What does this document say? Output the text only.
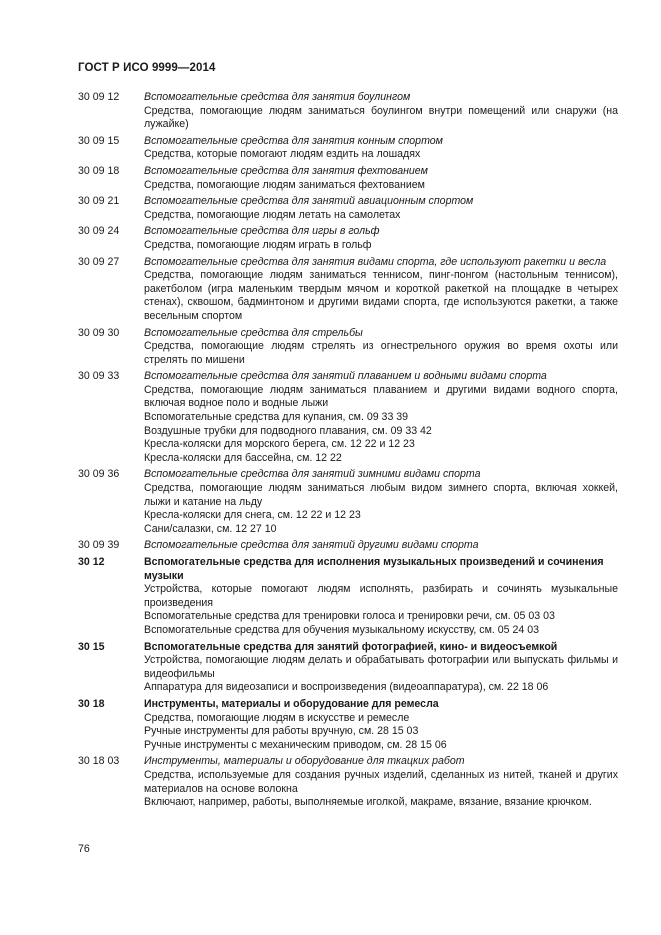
ГОСТ Р ИСО 9999—2014
30 09 12	Вспомогательные средства для занятия боулингом
Средства, помогающие людям заниматься боулингом внутри помещений или снаружи (на лужайке)
30 09 15	Вспомогательные средства для занятия конным спортом
Средства, которые помогают людям ездить на лошадях
30 09 18	Вспомогательные средства для занятия фехтованием
Средства, помогающие людям заниматься фехтованием
30 09 21	Вспомогательные средства для занятий авиационным спортом
Средства, помогающие людям летать на самолетах
30 09 24	Вспомогательные средства для игры в гольф
Средства, помогающие людям играть в гольф
30 09 27	Вспомогательные средства для занятия видами спорта, где используют ракетки и весла
Средства, помогающие людям заниматься теннисом, пинг-понгом (настольным теннисом), ракетболом (игра маленьким твердым мячом и короткой ракеткой на площадке в четырех стенах), сквошом, бадминтоном и другими видами спорта, где используются ракетки, а также весельным спортом
30 09 30	Вспомогательные средства для стрельбы
Средства, помогающие людям стрелять из огнестрельного оружия во время охоты или стрелять по мишени
30 09 33	Вспомогательные средства для занятий плаванием и водными видами спорта
Средства, помогающие людям заниматься плаванием и другими видами водного спорта, включая водное поло и водные лыжи
Вспомогательные средства для купания, см. 09 33 39
Воздушные трубки для подводного плавания, см. 09 33 42
Кресла-коляски для морского берега, см. 12 22 и 12 23
Кресла-коляски для бассейна, см. 12 22
30 09 36	Вспомогательные средства для занятий зимними видами спорта
Средства, помогающие людям заниматься любым видом зимнего спорта, включая хоккей, лыжи и катание на льду
Кресла-коляски для снега, см. 12 22 и 12 23
Сани/салазки, см. 12 27 10
30 09 39	Вспомогательные средства для занятий другими видами спорта
30 12	Вспомогательные средства для исполнения музыкальных произведений и сочинения музыки
Устройства, которые помогают людям исполнять, разбирать и сочинять музыкальные произведения
Вспомогательные средства для тренировки голоса и тренировки речи, см. 05 03 03
Вспомогательные средства для обучения музыкальному искусству, см. 05 24 03
30 15	Вспомогательные средства для занятий фотографией, кино- и видеосъемкой
Устройства, помогающие людям делать и обрабатывать фотографии или выпускать фильмы и видеофильмы
Аппаратура для видеозаписи и воспроизведения (видеоаппаратура), см. 22 18 06
30 18	Инструменты, материалы и оборудование для ремесла
Средства, помогающие людям в искусстве и ремесле
Ручные инструменты для работы вручную, см. 28 15 03
Ручные инструменты с механическим приводом, см. 28 15 06
30 18 03	Инструменты, материалы и оборудование для ткацких работ
Средства, используемые для создания ручных изделий, сделанных из нитей, тканей и других материалов на основе волокна
Включают, например, работы, выполняемые иголкой, макраме, вязание, вязание крючком.
76
